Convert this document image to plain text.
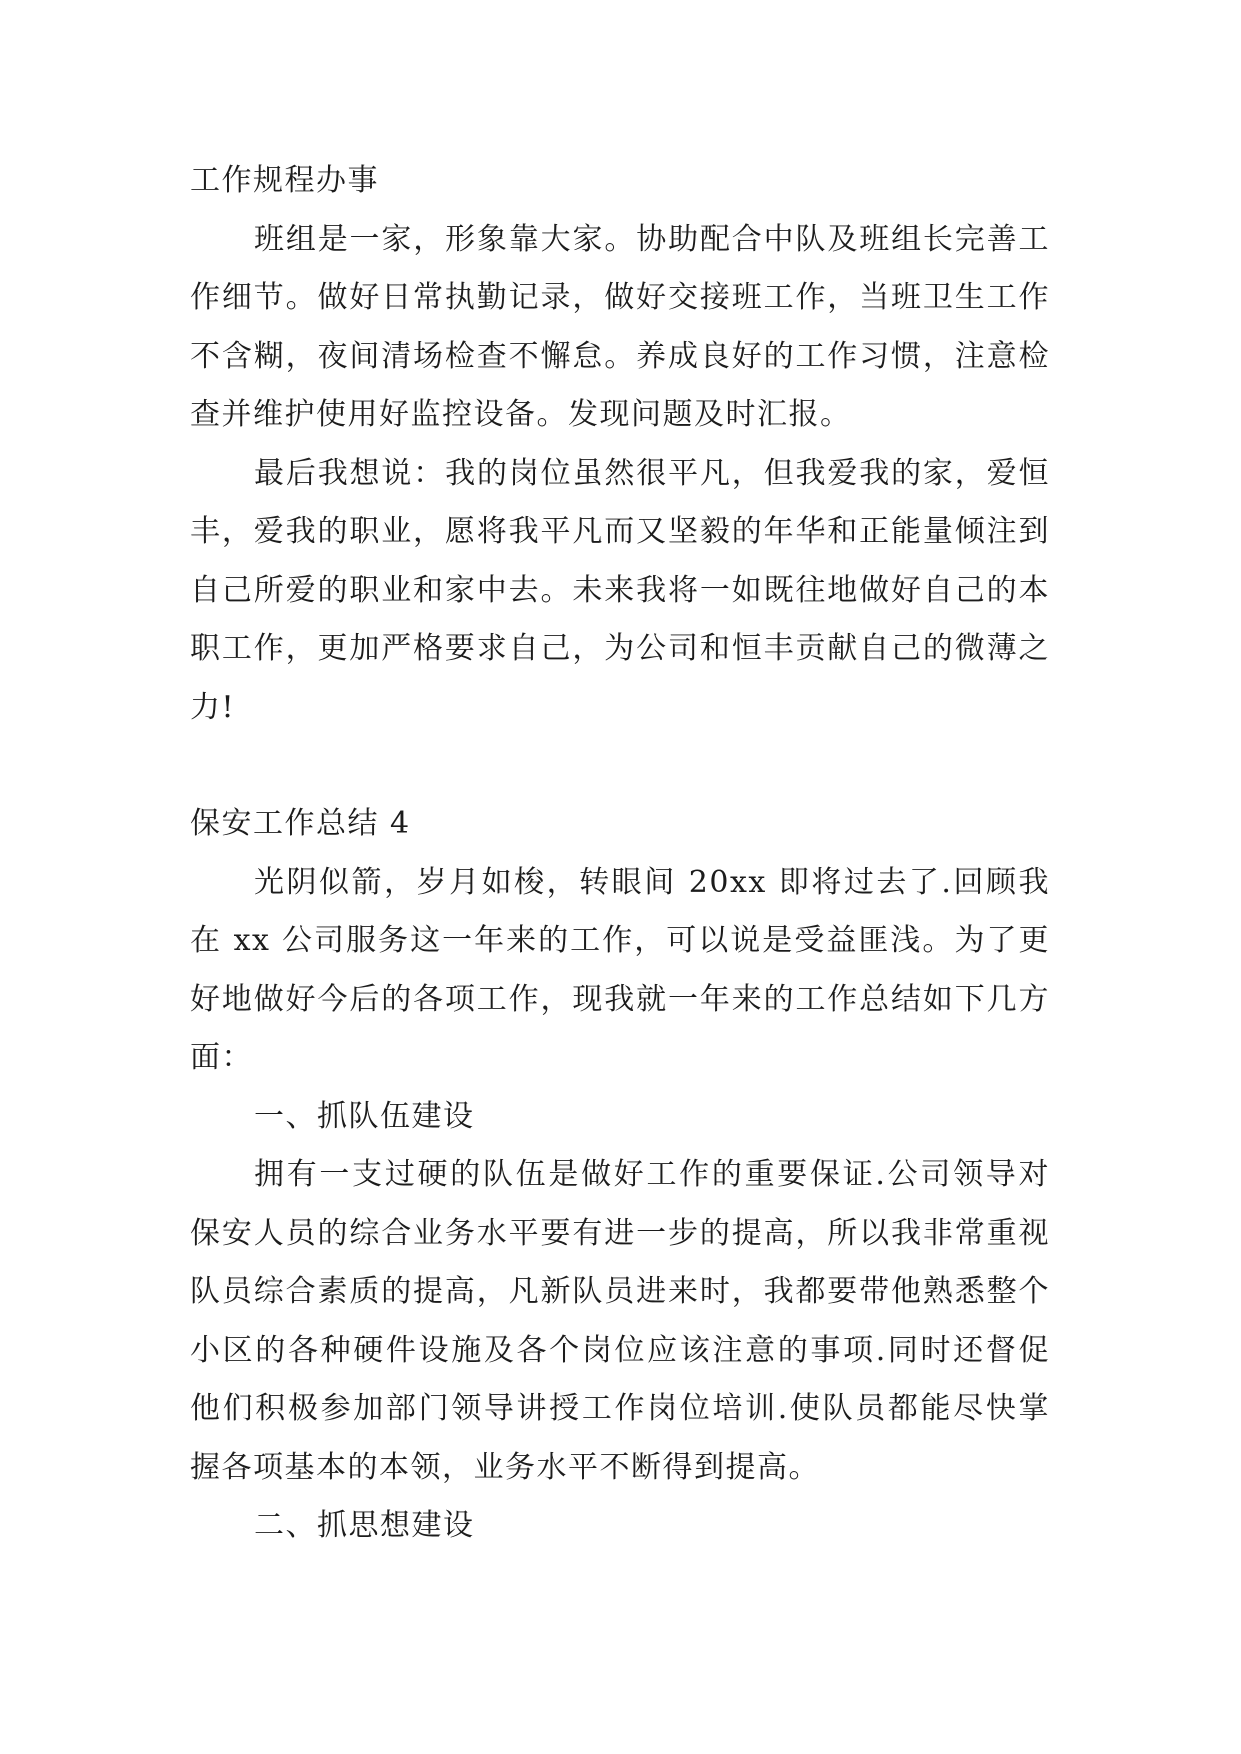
工作规程办事

班组是一家，形象靠大家。协助配合中队及班组长完善工作细节。做好日常执勤记录，做好交接班工作，当班卫生工作不含糊，夜间清场检查不懈怠。养成良好的工作习惯，注意检查并维护使用好监控设备。发现问题及时汇报。

最后我想说：我的岗位虽然很平凡，但我爱我的家，爱恒丰，爱我的职业，愿将我平凡而又坚毅的年华和正能量倾注到自己所爱的职业和家中去。未来我将一如既往地做好自己的本职工作，更加严格要求自己，为公司和恒丰贡献自己的微薄之力!

保安工作总结 4

光阴似箭，岁月如梭，转眼间 20xx 即将过去了.回顾我在 xx 公司服务这一年来的工作，可以说是受益匪浅。为了更好地做好今后的各项工作，现我就一年来的工作总结如下几方面：

一、抓队伍建设

拥有一支过硬的队伍是做好工作的重要保证.公司领导对保安人员的综合业务水平要有进一步的提高，所以我非常重视队员综合素质的提高，凡新队员进来时，我都要带他熟悉整个小区的各种硬件设施及各个岗位应该注意的事项.同时还督促他们积极参加部门领导讲授工作岗位培训.使队员都能尽快掌握各项基本的本领，业务水平不断得到提高。

二、抓思想建设
